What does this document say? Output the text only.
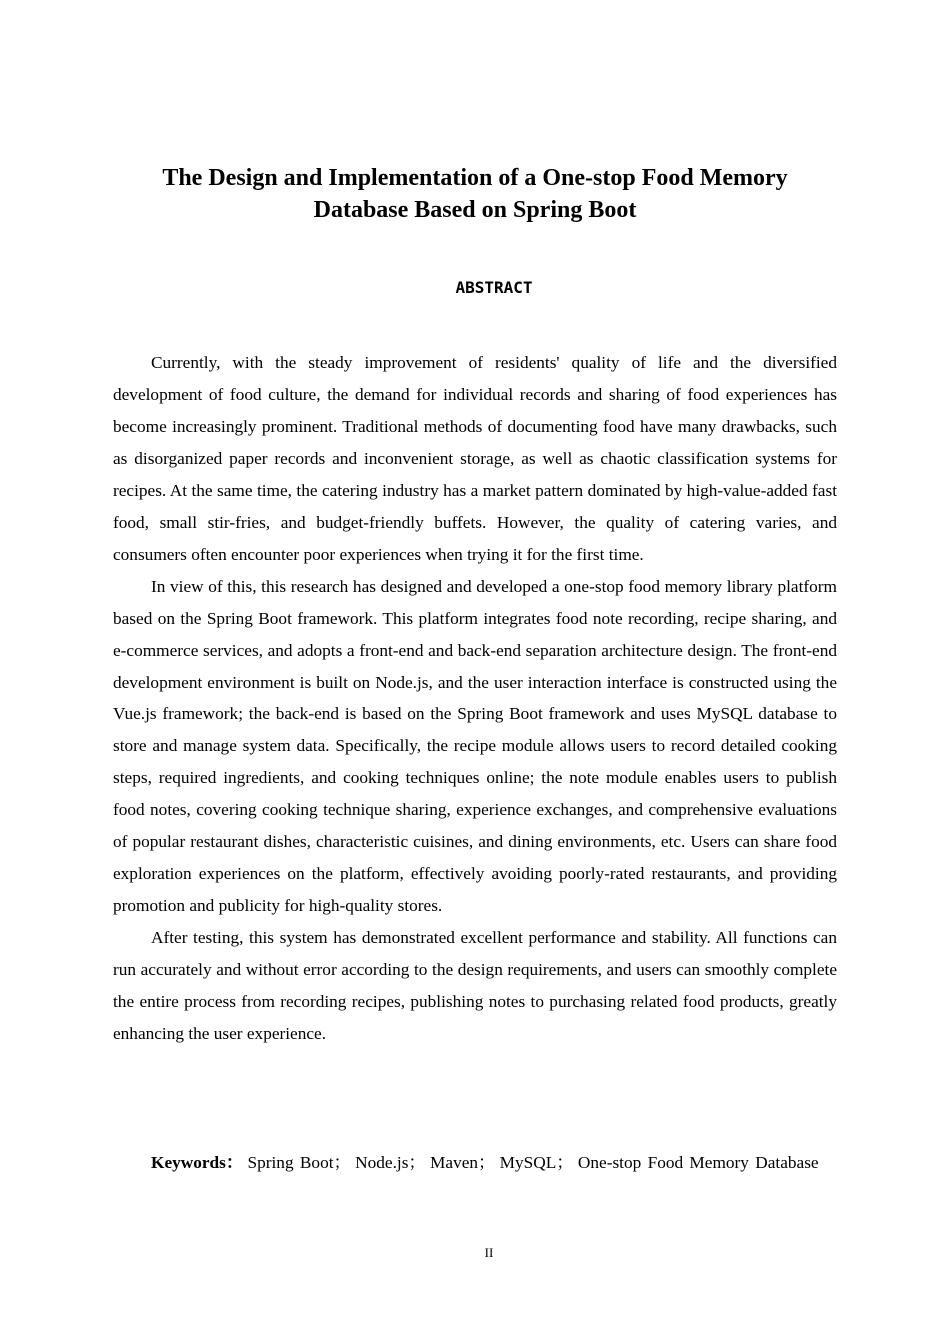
The Design and Implementation of a One-stop Food Memory
Database Based on Spring Boot
ABSTRACT

Currently, with the steady improvement of residents' quality of life and the diversified development of food culture, the demand for individual records and sharing of food experiences has become increasingly prominent. Traditional methods of documenting food have many drawbacks, such as disorganized paper records and inconvenient storage, as well as chaotic classification systems for recipes. At the same time, the catering industry has a market pattern dominated by high-value-added fast food, small stir-fries, and budget-friendly buffets. However, the quality of catering varies, and consumers often encounter poor experiences when trying it for the first time.

In view of this, this research has designed and developed a one-stop food memory library platform based on the Spring Boot framework. This platform integrates food note recording, recipe sharing, and e-commerce services, and adopts a front-end and back-end separation architecture design. The front-end development environment is built on Node.js, and the user interaction interface is constructed using the Vue.js framework; the back-end is based on the Spring Boot framework and uses MySQL database to store and manage system data. Specifically, the recipe module allows users to record detailed cooking steps, required ingredients, and cooking techniques online; the note module enables users to publish food notes, covering cooking technique sharing, experience exchanges, and comprehensive evaluations of popular restaurant dishes, characteristic cuisines, and dining environments, etc. Users can share food exploration experiences on the platform, effectively avoiding poorly-rated restaurants, and providing promotion and publicity for high-quality stores.

After testing, this system has demonstrated excellent performance and stability. All functions can run accurately and without error according to the design requirements, and users can smoothly complete the entire process from recording recipes, publishing notes to purchasing related food products, greatly enhancing the user experience.

Keywords： Spring Boot； Node.js； Maven； MySQL； One-stop Food Memory Database

II
